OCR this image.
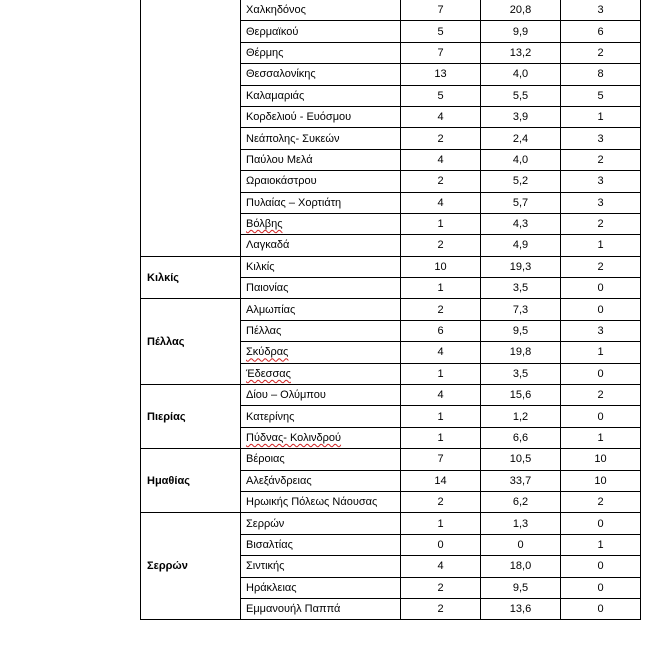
	Χαλκηδόνος	7	20,8	3
	Θερμαϊκού	5	9,9	6
	Θέρμης	7	13,2	2
	Θεσσαλονίκης	13	4,0	8
	Καλαμαριάς	5	5,5	5
	Κορδελιού - Ευόσμου	4	3,9	1
	Νεάπολης- Συκεών	2	2,4	3
	Παύλου Μελά	4	4,0	2
	Ωραιοκάστρου	2	5,2	3
	Πυλαίας – Χορτιάτη	4	5,7	3
	Βόλβης	1	4,3	2
	Λαγκαδά	2	4,9	1
Κιλκίς	Κιλκίς	10	19,3	2
	Παιονίας	1	3,5	0
Πέλλας	Αλμωπίας	2	7,3	0
	Πέλλας	6	9,5	3
	Σκύδρας	4	19,8	1
	Έδεσσας	1	3,5	0
Πιερίας	Δίου – Ολύμπου	4	15,6	2
	Κατερίνης	1	1,2	0
	Πύδνας- Κολινδρού	1	6,6	1
Ημαθίας	Βέροιας	7	10,5	10
	Αλεξάνδρειας	14	33,7	10
	Ηρωικής Πόλεως Νάουσας	2	6,2	2
Σερρών	Σερρών	1	1,3	0
	Βισαλτίας	0	0	1
	Σιντικής	4	18,0	0
	Ηράκλειας	2	9,5	0
	Εμμανουήλ Παππά	2	13,6	0
